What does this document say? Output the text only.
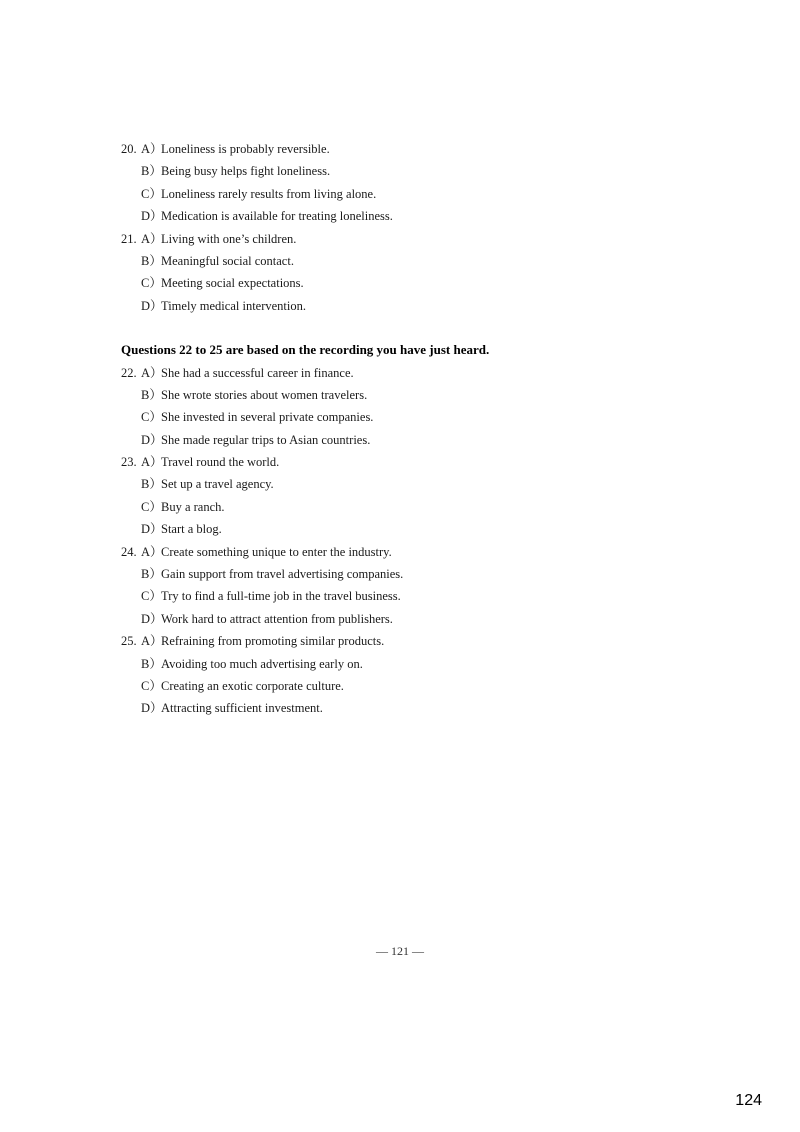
20. A）
Loneliness is probably reversible.
B） Being busy helps fight loneliness.
C） Loneliness rarely results from living alone.
D）
Medication is available for treating loneliness.
21. A）
Living with one’s children.
B） Meaningful social contact.
C） Meeting social expectations.
D）
Timely medical intervention.
Questions 22 to 25 are based on the recording you have just heard.
22. A）
She had a successful career in finance.
B） She wrote stories about women travelers.
C） She invested in several private companies.
D）
She made regular trips to Asian countries.
23. A）
Travel round the world.
B） Set up a travel agency.
C） Buy a ranch.
D）
Start a blog.
24. A）
Create something unique to enter the industry.
B） Gain support from travel advertising companies.
C） Try to find a full-time job in the travel business.
D）
Work hard to attract attention from publishers.
25. A）
Refraining from promoting similar products.
B） Avoiding too much advertising early on.
C） Creating an exotic corporate culture.
D）
Attracting sufficient investment.
— 121 —
124
